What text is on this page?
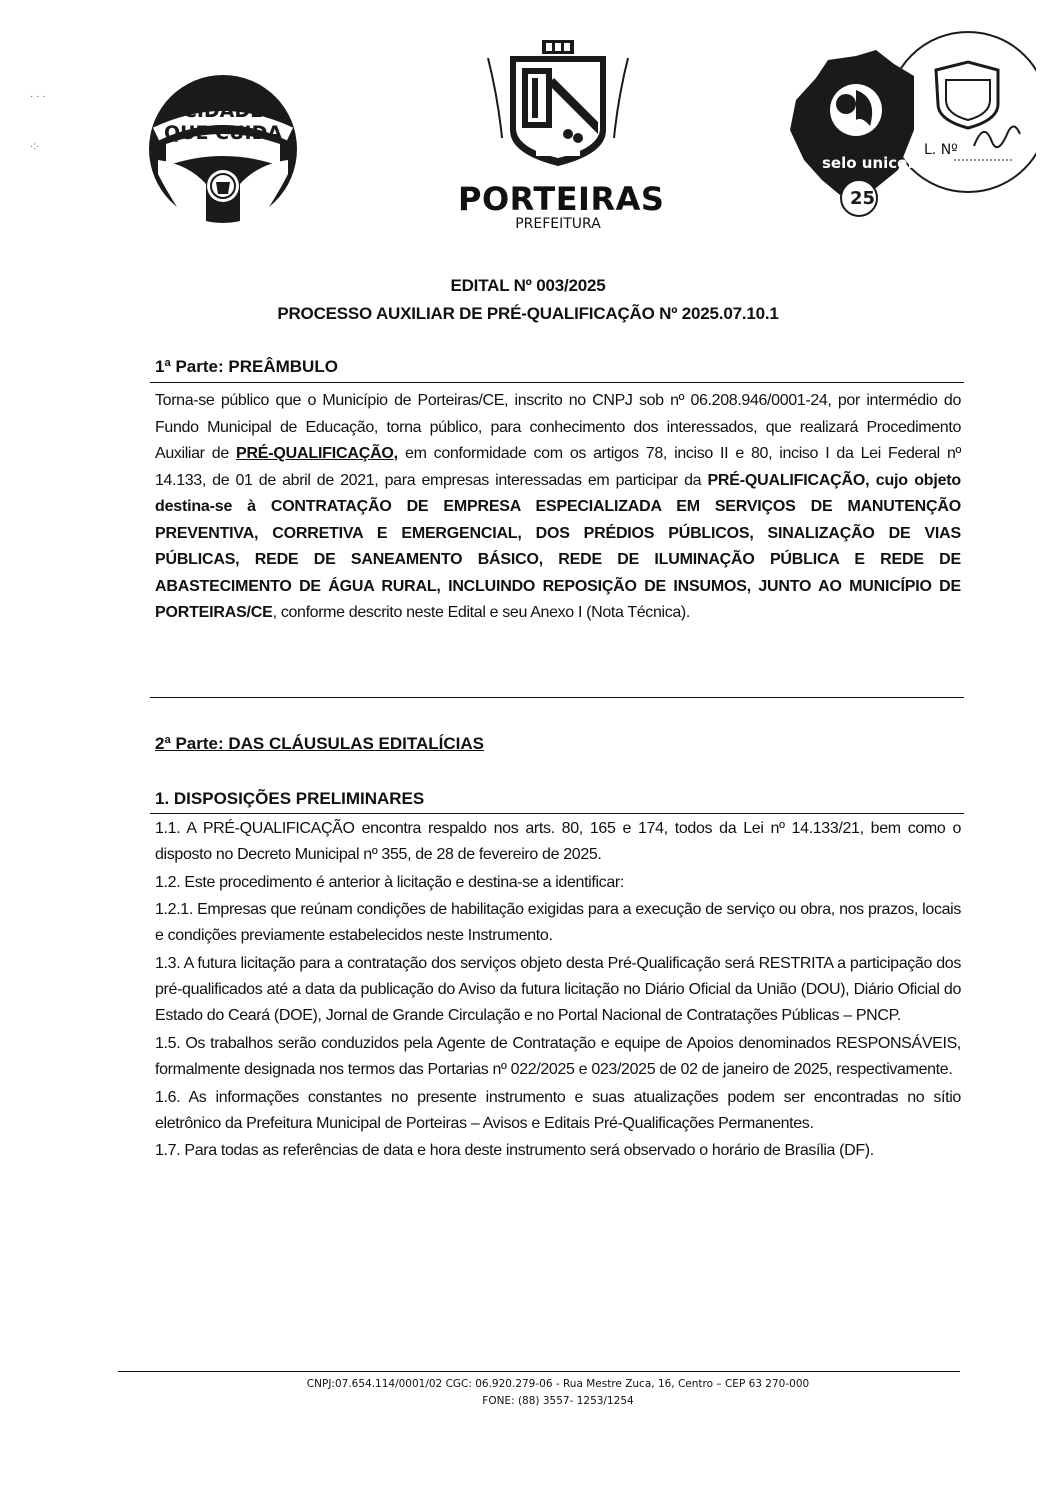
· · ·
·:·
CIDADE
QUE CUIDA
PORTEIRAS
PREFEITURA
selo unicef
25
L. Nº
EDITAL Nº 003/2025
PROCESSO AUXILIAR DE PRÉ-QUALIFICAÇÃO Nº 2025.07.10.1
1ª Parte: PREÂMBULO
Torna-se público que o Município de Porteiras/CE, inscrito no CNPJ sob nº 06.208.946/0001-24, por intermédio do Fundo Municipal de Educação, torna público, para conhecimento dos interessados, que realizará Procedimento Auxiliar de PRÉ-QUALIFICAÇÃO, em conformidade com os artigos 78, inciso II e 80, inciso I da Lei Federal nº 14.133, de 01 de abril de 2021, para empresas interessadas em participar da PRÉ-QUALIFICAÇÃO, cujo objeto destina-se à CONTRATAÇÃO DE EMPRESA ESPECIALIZADA EM SERVIÇOS DE MANUTENÇÃO PREVENTIVA, CORRETIVA E EMERGENCIAL, DOS PRÉDIOS PÚBLICOS, SINALIZAÇÃO DE VIAS PÚBLICAS, REDE DE SANEAMENTO BÁSICO, REDE DE ILUMINAÇÃO PÚBLICA E REDE DE ABASTECIMENTO DE ÁGUA RURAL, INCLUINDO REPOSIÇÃO DE INSUMOS, JUNTO AO MUNICÍPIO DE PORTEIRAS/CE, conforme descrito neste Edital e seu Anexo I (Nota Técnica).
2ª Parte: DAS CLÁUSULAS EDITALÍCIAS
1. DISPOSIÇÕES PRELIMINARES

1.1. A PRÉ-QUALIFICAÇÃO encontra respaldo nos arts. 80, 165 e 174, todos da Lei nº 14.133/21, bem como o disposto no Decreto Municipal nº 355, de 28 de fevereiro de 2025.

1.2. Este procedimento é anterior à licitação e destina-se a identificar:

1.2.1. Empresas que reúnam condições de habilitação exigidas para a execução de serviço ou obra, nos prazos, locais e condições previamente estabelecidos neste Instrumento.

1.3. A futura licitação para a contratação dos serviços objeto desta Pré-Qualificação será RESTRITA a participação dos pré-qualificados até a data da publicação do Aviso da futura licitação no Diário Oficial da União (DOU), Diário Oficial do Estado do Ceará (DOE), Jornal de Grande Circulação e no Portal Nacional de Contratações Públicas – PNCP.

1.5. Os trabalhos serão conduzidos pela Agente de Contratação e equipe de Apoios denominados RESPONSÁVEIS, formalmente designada nos termos das Portarias nº 022/2025 e 023/2025 de 02 de janeiro de 2025, respectivamente.

1.6. As informações constantes no presente instrumento e suas atualizações podem ser encontradas no sítio eletrônico da Prefeitura Municipal de Porteiras – Avisos e Editais Pré-Qualificações Permanentes.

1.7. Para todas as referências de data e hora deste instrumento será observado o horário de Brasília (DF).

CNPJ:07.654.114/0001/02 CGC: 06.920.279-06 - Rua Mestre Zuca, 16, Centro – CEP 63 270-000
FONE: (88) 3557- 1253/1254
